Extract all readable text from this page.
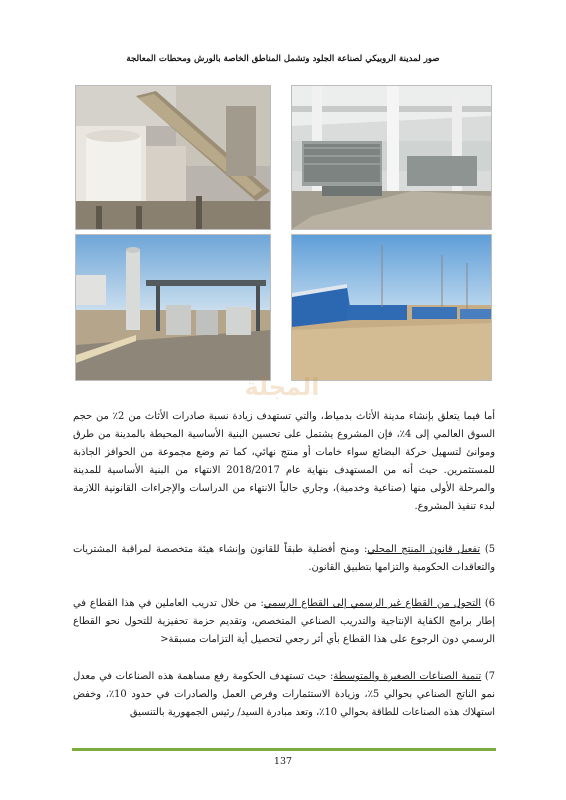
صور لمدينة الروبيكي لصناعة الجلود وتشمل المناطق الخاصة بالورش ومحطات المعالجة
المجلة
أما فيما يتعلق بإنشاء مدينة الأثاث بدمياط، والتي تستهدف زيادة نسبة صادرات الأثاث من 2٪ من حجم السوق العالمي إلى 4٪، فإن المشروع يشتمل على تحسين البنية الأساسية المحيطة بالمدينة من طرق وموانئ لتسهيل حركة البضائع سواء خامات أو منتج نهائي، كما تم وضع مجموعة من الحوافز الجاذبة للمستثمرين. حيث أنه من المستهدف بنهاية عام 2018/2017 الانتهاء من البنية الأساسية للمدينة والمرحلة الأولى منها (صناعية وخدمية)، وجاري حالياً الانتهاء من الدراسات والإجراءات القانونية اللازمة لبدء تنفيذ المشروع.
5) تفعيل قانون المنتج المحلي: ومنح أفضلية طبقاً للقانون وإنشاء هيئة متخصصة لمراقبة المشتريات والتعاقدات الحكومية والتزامها بتطبيق القانون.
6) التحول من القطاع غير الرسمي إلى القطاع الرسمي: من خلال تدريب العاملين في هذا القطاع في إطار برامج الكفاية الإنتاجية والتدريب الصناعي المتخصص، وتقديم حزمة تحفيزية للتحول نحو القطاع الرسمي دون الرجوع على هذا القطاع بأي أثر رجعي لتحصيل أية التزامات مسبقة<
7) تنمية الصناعات الصغيرة والمتوسطة: حيث تستهدف الحكومة رفع مساهمة هذه الصناعات في معدل نمو الناتج الصناعي بحوالي 5٪، وزيادة الاستثمارات وفرص العمل والصادرات في حدود 10٪، وخفض استهلاك هذه الصناعات للطاقة بحوالي 10٪، وتعد مبادرة السيد/ رئيس الجمهورية بالتنسيق
137
